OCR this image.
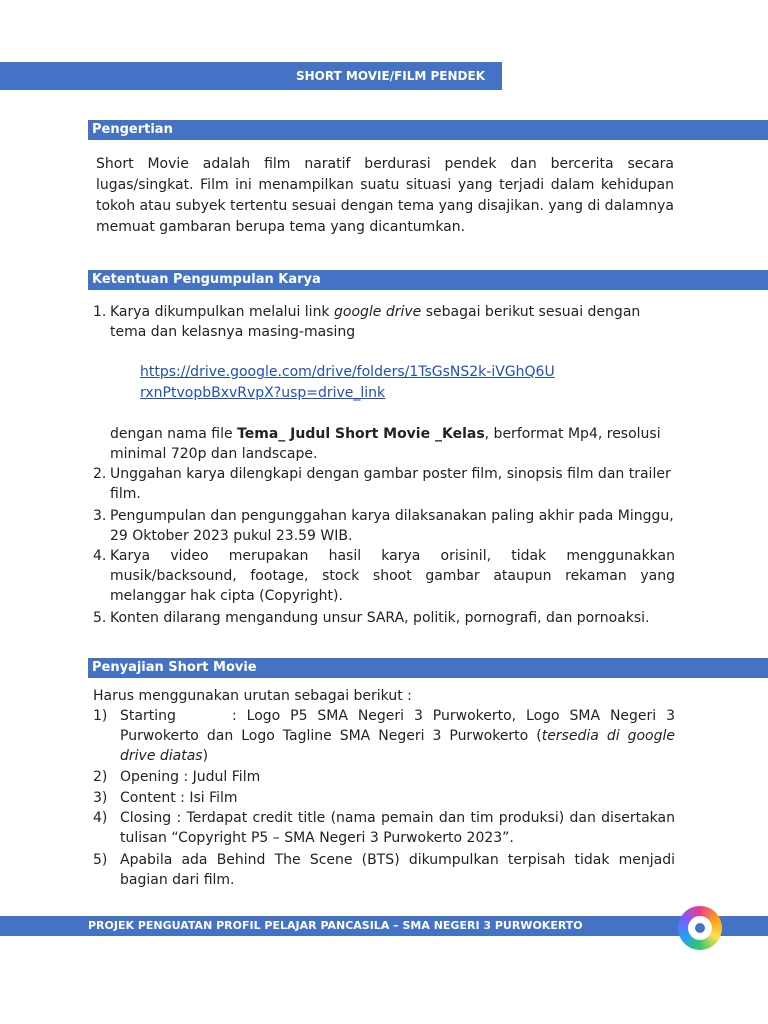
SHORT MOVIE/FILM PENDEK
Pengertian
Short Movie adalah film naratif berdurasi pendek dan bercerita secara lugas/singkat. Film ini menampilkan suatu situasi yang terjadi dalam kehidupan tokoh atau subyek tertentu sesuai dengan tema yang disajikan. yang di dalamnya memuat gambaran berupa tema yang dicantumkan.
Ketentuan Pengumpulan Karya
1. Karya dikumpulkan melalui link google drive sebagai berikut sesuai dengan tema dan kelasnya masing-masing
https://drive.google.com/drive/folders/1TsGsNS2k-iVGhQ6UrxnPtvopbBxvRvpX?usp=drive_link
dengan nama file Tema_ Judul Short Movie _Kelas, berformat Mp4, resolusi minimal 720p dan landscape.
2. Unggahan karya dilengkapi dengan gambar poster film, sinopsis film dan trailer film.
3. Pengumpulan dan pengunggahan karya dilaksanakan paling akhir pada Minggu, 29 Oktober 2023 pukul 23.59 WIB.
4. Karya video merupakan hasil karya orisinil, tidak menggunakkan musik/backsound, footage, stock shoot gambar ataupun rekaman yang melanggar hak cipta (Copyright).
5. Konten dilarang mengandung unsur SARA, politik, pornografi, dan pornoaksi.
Penyajian Short Movie
Harus menggunakan urutan sebagai berikut :
1) Starting	: Logo P5 SMA Negeri 3 Purwokerto, Logo SMA Negeri 3 Purwokerto dan Logo Tagline SMA Negeri 3 Purwokerto (tersedia di google drive diatas)
2) Opening : Judul Film
3) Content : Isi Film
4) Closing : Terdapat credit title (nama pemain dan tim produksi) dan disertakan tulisan “Copyright P5 – SMA Negeri 3 Purwokerto 2023”.
5) Apabila ada Behind The Scene (BTS) dikumpulkan terpisah tidak menjadi bagian dari film.
PROJEK PENGUATAN PROFIL PELAJAR PANCASILA – SMA NEGERI 3 PURWOKERTO
